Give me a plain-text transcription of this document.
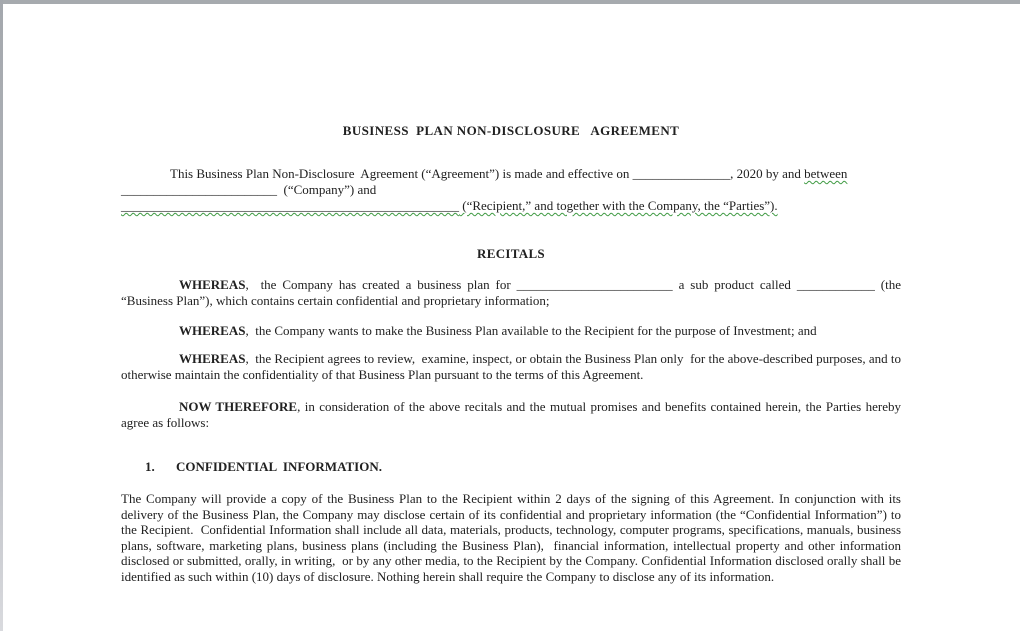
BUSINESS  PLAN NON-DISCLOSURE   AGREEMENT
This Business Plan Non-Disclosure  Agreement (“Agreement”) is made and effective on _______________, 2020 by and between
________________________  (“Company”) and
____________________________________________________ (“Recipient,” and together with the Company, the “Parties”).
RECITALS

WHEREAS,  the Company has created a business plan for ________________________ a sub product called ____________ (the “Business Plan”), which contains certain confidential and proprietary information;

WHEREAS,  the Company wants to make the Business Plan available to the Recipient for the purpose of Investment; and

WHEREAS,  the Recipient agrees to review,  examine, inspect, or obtain the Business Plan only  for the above-described purposes, and to otherwise maintain the confidentiality of that Business Plan pursuant to the terms of this Agreement.

NOW THEREFORE, in consideration of the above recitals and the mutual promises and benefits contained herein, the Parties hereby agree as follows:

1. CONFIDENTIAL  INFORMATION.

The Company will provide a copy of the Business Plan to the Recipient within 2 days of the signing of this Agreement. In conjunction with its delivery of the Business Plan, the Company may disclose certain of its confidential and proprietary information (the “Confidential Information”) to the Recipient.  Confidential Information shall include all data, materials, products, technology, computer programs, specifications, manuals, business plans, software, marketing plans, business plans (including the Business Plan),  financial information, intellectual property and other information disclosed or submitted, orally, in writing,  or by any other media, to the Recipient by the Company. Confidential Information disclosed orally shall be identified as such within (10) days of disclosure. Nothing herein shall require the Company to disclose any of its information.
